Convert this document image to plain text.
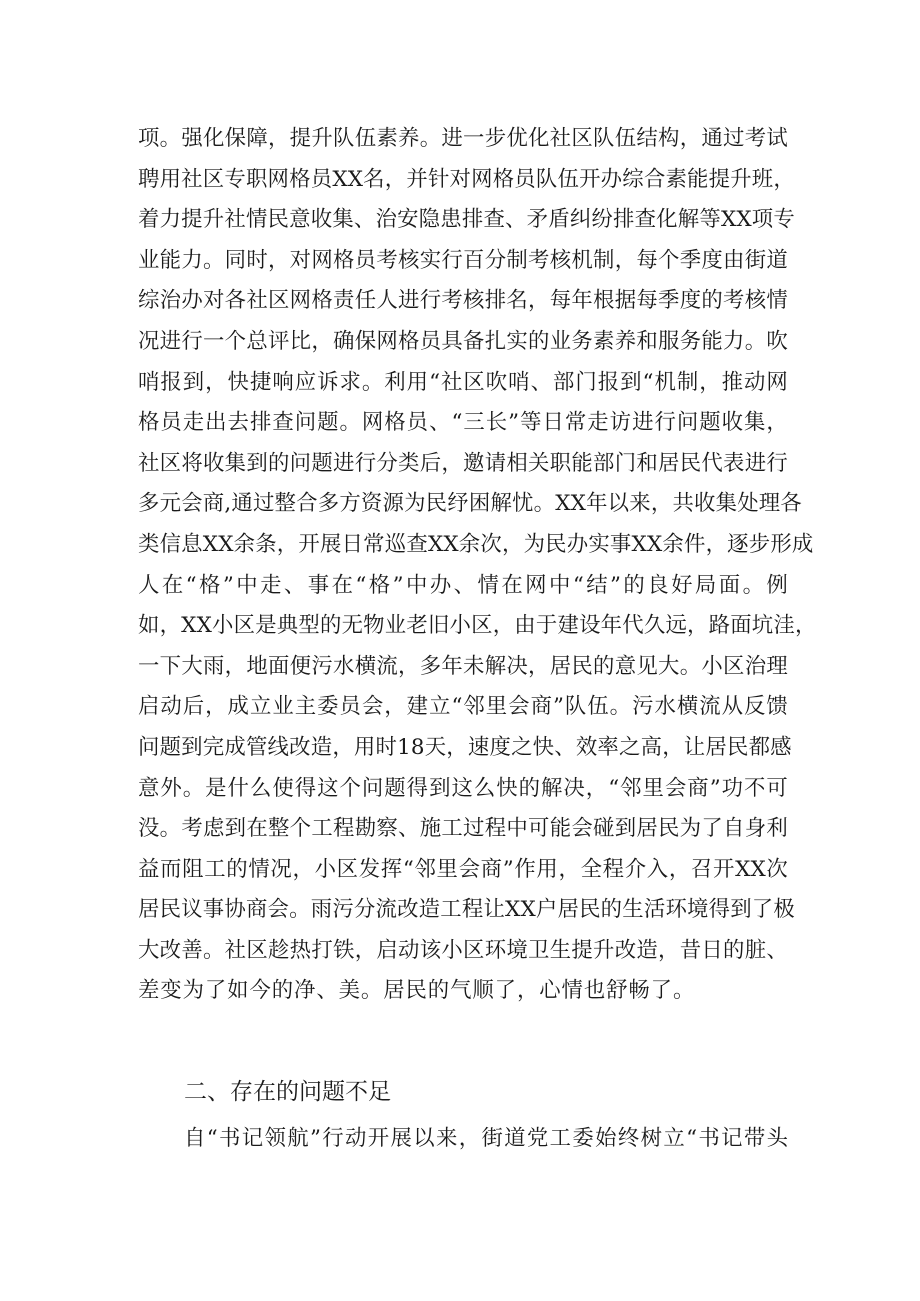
项。强化保障，提升队伍素养。进一步优化社区队伍结构，通过考试
聘用社区专职网格员XX名，并针对网格员队伍开办综合素能提升班，
着力提升社情民意收集、治安隐患排查、矛盾纠纷排查化解等XX项专
业能力。同时，对网格员考核实行百分制考核机制，每个季度由街道
综治办对各社区网格责任人进行考核排名，每年根据每季度的考核情
况进行一个总评比，确保网格员具备扎实的业务素养和服务能力。吹
哨报到，快捷响应诉求。利用“社区吹哨、部门报到“机制，推动网
格员走出去排查问题。网格员、“三长”等日常走访进行问题收集，
社区将收集到的问题进行分类后，邀请相关职能部门和居民代表进行
多元会商,通过整合多方资源为民纾困解忧。XX年以来，共收集处理各
类信息XX余条，开展日常巡查XX余次，为民办实事XX余件，逐步形成
人在“格”中走、事在“格”中办、情在网中“结”的良好局面。例
如，XX小区是典型的无物业老旧小区，由于建设年代久远，路面坑洼，
一下大雨，地面便污水横流，多年未解决，居民的意见大。小区治理
启动后，成立业主委员会，建立“邻里会商”队伍。污水横流从反馈
问题到完成管线改造，用时18天，速度之快、效率之高，让居民都感
意外。是什么使得这个问题得到这么快的解决，“邻里会商”功不可
没。考虑到在整个工程勘察、施工过程中可能会碰到居民为了自身利
益而阻工的情况，小区发挥“邻里会商”作用，全程介入，召开XX次
居民议事协商会。雨污分流改造工程让XX户居民的生活环境得到了极
大改善。社区趁热打铁，启动该小区环境卫生提升改造，昔日的脏、
差变为了如今的净、美。居民的气顺了，心情也舒畅了。
二、存在的问题不足
自“书记领航”行动开展以来，街道党工委始终树立“书记带头
